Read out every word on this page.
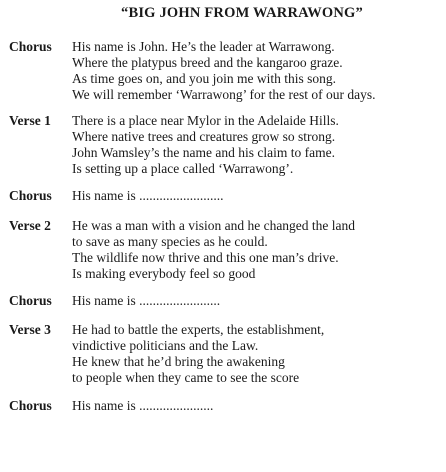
“BIG JOHN FROM WARRAWONG”
Chorus His name is John. He’s the leader at Warrawong.
Where the platypus breed and the kangaroo graze.
As time goes on, and you join me with this song.
We will remember ‘Warrawong’ for the rest of our days.
Verse 1 There is a place near Mylor in the Adelaide Hills.
Where native trees and creatures grow so strong.
John Wamsley’s the name and his claim to fame.
Is setting up a place called ‘Warrawong’.
Chorus His name is .........................
Verse 2 He was a man with a vision and he changed the land
to save as many species as he could.
The wildlife now thrive and this one man’s drive.
Is making everybody feel so good
Chorus His name is ........................
Verse 3 He had to battle the experts, the establishment,
vindictive politicians and the Law.
He knew that he’d bring the awakening
to people when they came to see the score
Chorus His name is ......................
